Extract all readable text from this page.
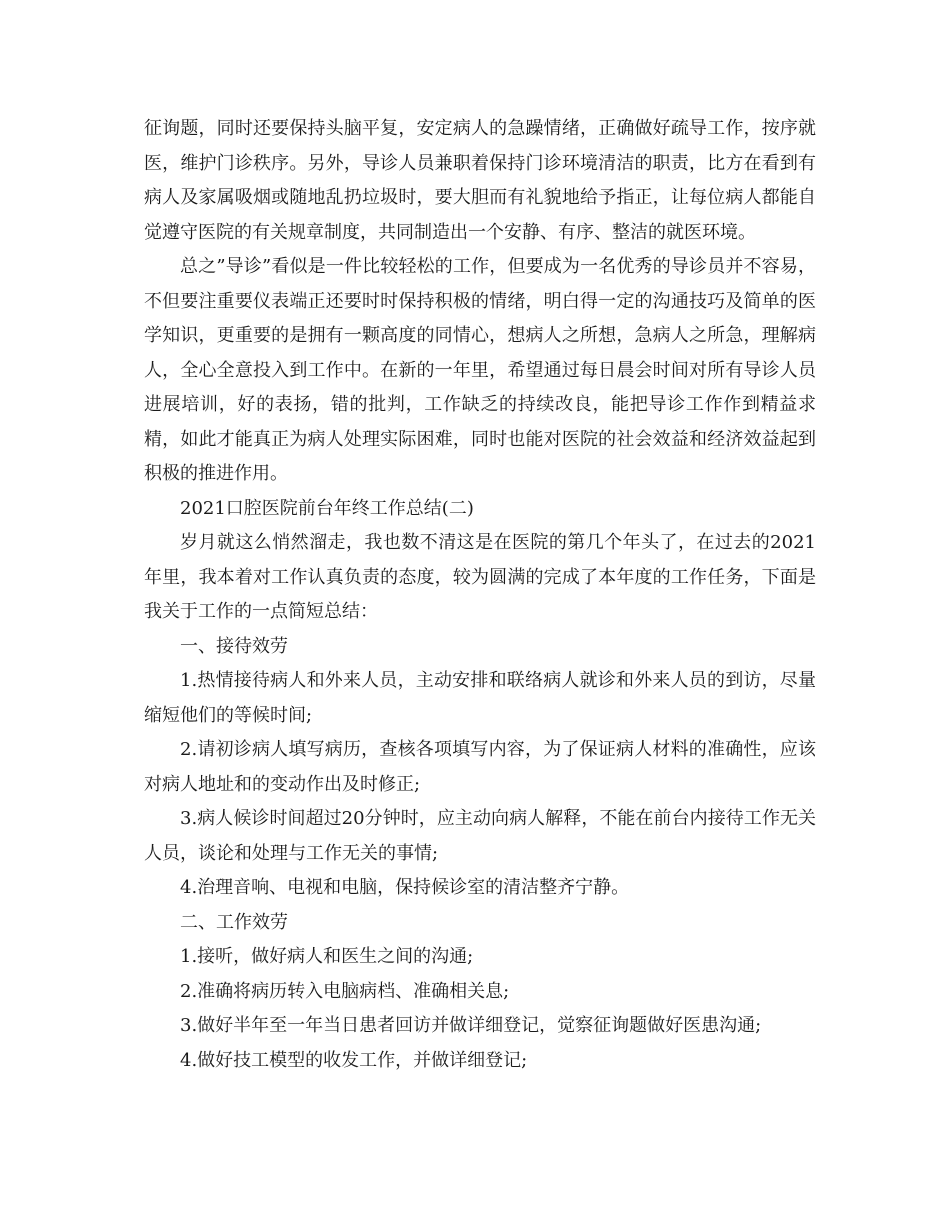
征询题，同时还要保持头脑平复，安定病人的急躁情绪，正确做好疏导工作，按序就医，维护门诊秩序。另外，导诊人员兼职着保持门诊环境清洁的职责，比方在看到有病人及家属吸烟或随地乱扔垃圾时，要大胆而有礼貌地给予指正，让每位病人都能自觉遵守医院的有关规章制度，共同制造出一个安静、有序、整洁的就医环境。

总之”导诊”看似是一件比较轻松的工作，但要成为一名优秀的导诊员并不容易，不但要注重要仪表端正还要时时保持积极的情绪，明白得一定的沟通技巧及简单的医学知识，更重要的是拥有一颗高度的同情心，想病人之所想，急病人之所急，理解病人，全心全意投入到工作中。在新的一年里，希望通过每日晨会时间对所有导诊人员进展培训，好的表扬，错的批判，工作缺乏的持续改良，能把导诊工作作到精益求精，如此才能真正为病人处理实际困难，同时也能对医院的社会效益和经济效益起到积极的推进作用。

2021口腔医院前台年终工作总结(二)

岁月就这么悄然溜走，我也数不清这是在医院的第几个年头了，在过去的2021年里，我本着对工作认真负责的态度，较为圆满的完成了本年度的工作任务，下面是我关于工作的一点简短总结：

一、接待效劳

1.热情接待病人和外来人员，主动安排和联络病人就诊和外来人员的到访，尽量缩短他们的等候时间;

2.请初诊病人填写病历，查核各项填写内容，为了保证病人材料的准确性，应该对病人地址和的变动作出及时修正;

3.病人候诊时间超过20分钟时，应主动向病人解释，不能在前台内接待工作无关人员，谈论和处理与工作无关的事情;

4.治理音响、电视和电脑，保持候诊室的清洁整齐宁静。

二、工作效劳

1.接听，做好病人和医生之间的沟通;

2.准确将病历转入电脑病档、准确相关息;

3.做好半年至一年当日患者回访并做详细登记，觉察征询题做好医患沟通;

4.做好技工模型的收发工作，并做详细登记;
